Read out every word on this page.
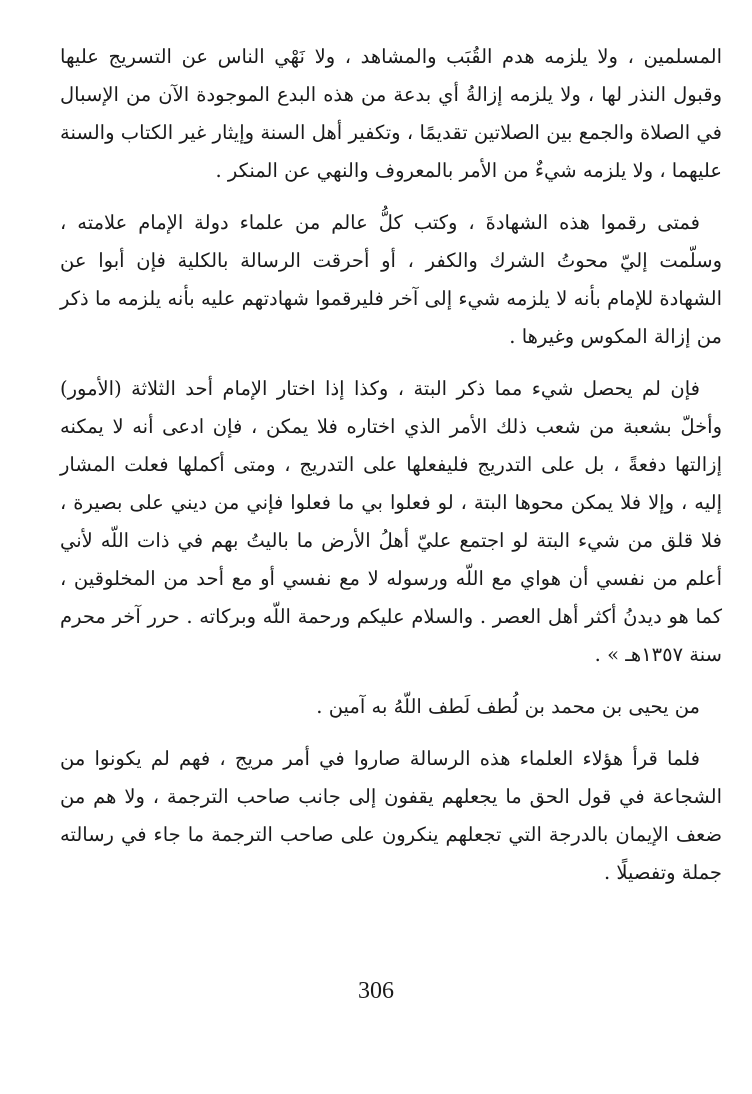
المسلمين ، ولا يلزمه هدم القُبَب والمشاهد ، ولا نَهْي الناس عن التسريج عليها وقبول النذر لها ، ولا يلزمه إزالةُ أي بدعة من هذه البدع الموجودة الآن من الإسبال في الصلاة والجمع بين الصلاتين تقديمًا ، وتكفير أهل السنة وإيثار غير الكتاب والسنة عليهما ، ولا يلزمه شيءٌ من الأمر بالمعروف والنهي عن المنكر .

فمتى رقموا هذه الشهادةَ ، وكتب كلُّ عالم من علماء دولة الإمام علامته ، وسلّمت إليّ محوتُ الشرك والكفر ، أو أحرقت الرسالة بالكلية فإن أبوا عن الشهادة للإمام بأنه لا يلزمه شيء إلى آخر فليرقموا شهادتهم عليه بأنه يلزمه ما ذكر من إزالة المكوس وغيرها .

فإن لم يحصل شيء مما ذكر البتة ، وكذا إذا اختار الإمام أحد الثلاثة (الأمور) وأخلّ بشعبة من شعب ذلك الأمر الذي اختاره فلا يمكن ، فإن ادعى أنه لا يمكنه إزالتها دفعةً ، بل على التدريج فليفعلها على التدريج ، ومتى أكملها فعلت المشار إليه ، وإلا فلا يمكن محوها البتة ، لو فعلوا بي ما فعلوا فإني من ديني على بصيرة ، فلا قلق من شيء البتة لو اجتمع عليّ أهلُ الأرض ما باليتُ بهم في ذات اللّه لأني أعلم من نفسي أن هواي مع اللّه ورسوله لا مع نفسي أو مع أحد من المخلوقين ، كما هو ديدنُ أكثر أهل العصر . والسلام عليكم ورحمة اللّه وبركاته . حرر آخر محرم سنة ١٣٥٧هـ » .

من يحيى بن محمد بن لُطف لَطف اللّهُ به آمين .

فلما قرأ هؤلاء العلماء هذه الرسالة صاروا في أمر مريج ، فهم لم يكونوا من الشجاعة في قول الحق ما يجعلهم يقفون إلى جانب صاحب الترجمة ، ولا هم من ضعف الإيمان بالدرجة التي تجعلهم ينكرون على صاحب الترجمة ما جاء في رسالته جملة وتفصيلًا .

306
